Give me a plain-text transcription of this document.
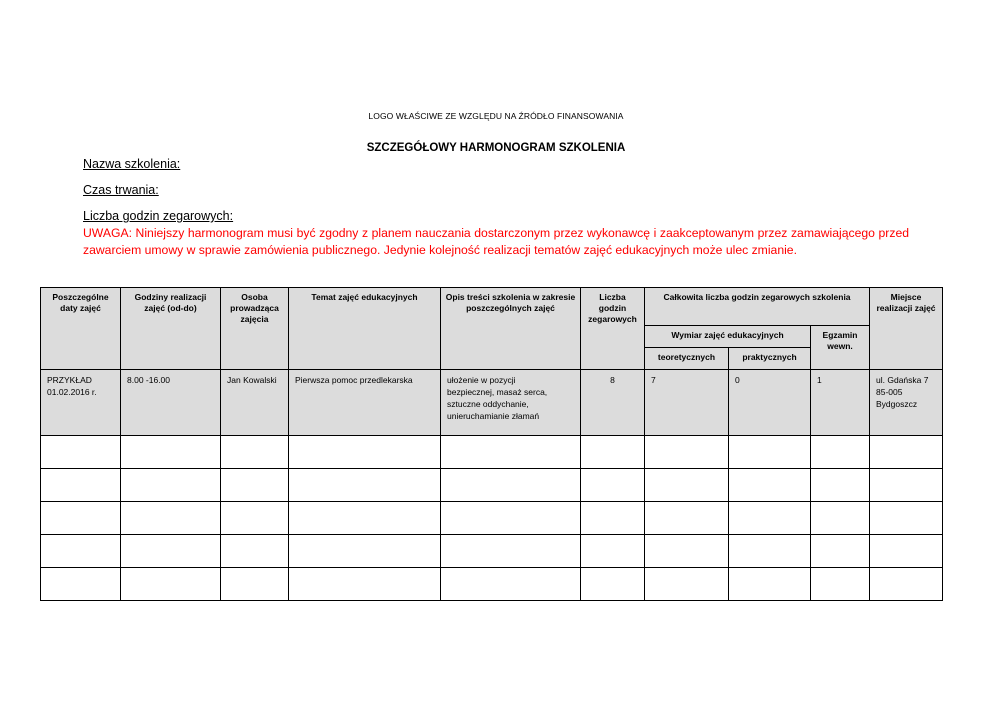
LOGO WŁAŚCIWE ZE WZGLĘDU NA ŹRÓDŁO FINANSOWANIA
SZCZEGÓŁOWY HARMONOGRAM SZKOLENIA
Nazwa szkolenia:
Czas trwania:
Liczba godzin zegarowych:
UWAGA: Niniejszy harmonogram musi być zgodny z planem nauczania dostarczonym przez wykonawcę i zaakceptowanym przez zamawiającego przed zawarciem umowy w sprawie zamówienia publicznego. Jedynie kolejność realizacji tematów zajęć edukacyjnych może ulec zmianie.
Poszczególne daty zajęć	Godziny realizacji zajęć (od-do)	Osoba prowadząca zajęcia	Temat zajęć edukacyjnych	Opis treści szkolenia w zakresie poszczególnych zajęć	Liczba godzin zegarowych	Całkowita liczba godzin zegarowych szkolenia			Miejsce realizacji zajęć

						Wymiar zajęć edukacyjnych		Egzamin wewn.	

						teoretycznych	praktycznych		

PRZYKŁAD
01.02.2016 r.	8.00 -16.00	Jan Kowalski	Pierwsza pomoc przedlekarska	ułożenie w pozycji
bezpiecznej, masaż serca,
sztuczne oddychanie,
unieruchamianie złamań	8	7	0	1	ul. Gdańska 7
85-005
Bydgoszcz
